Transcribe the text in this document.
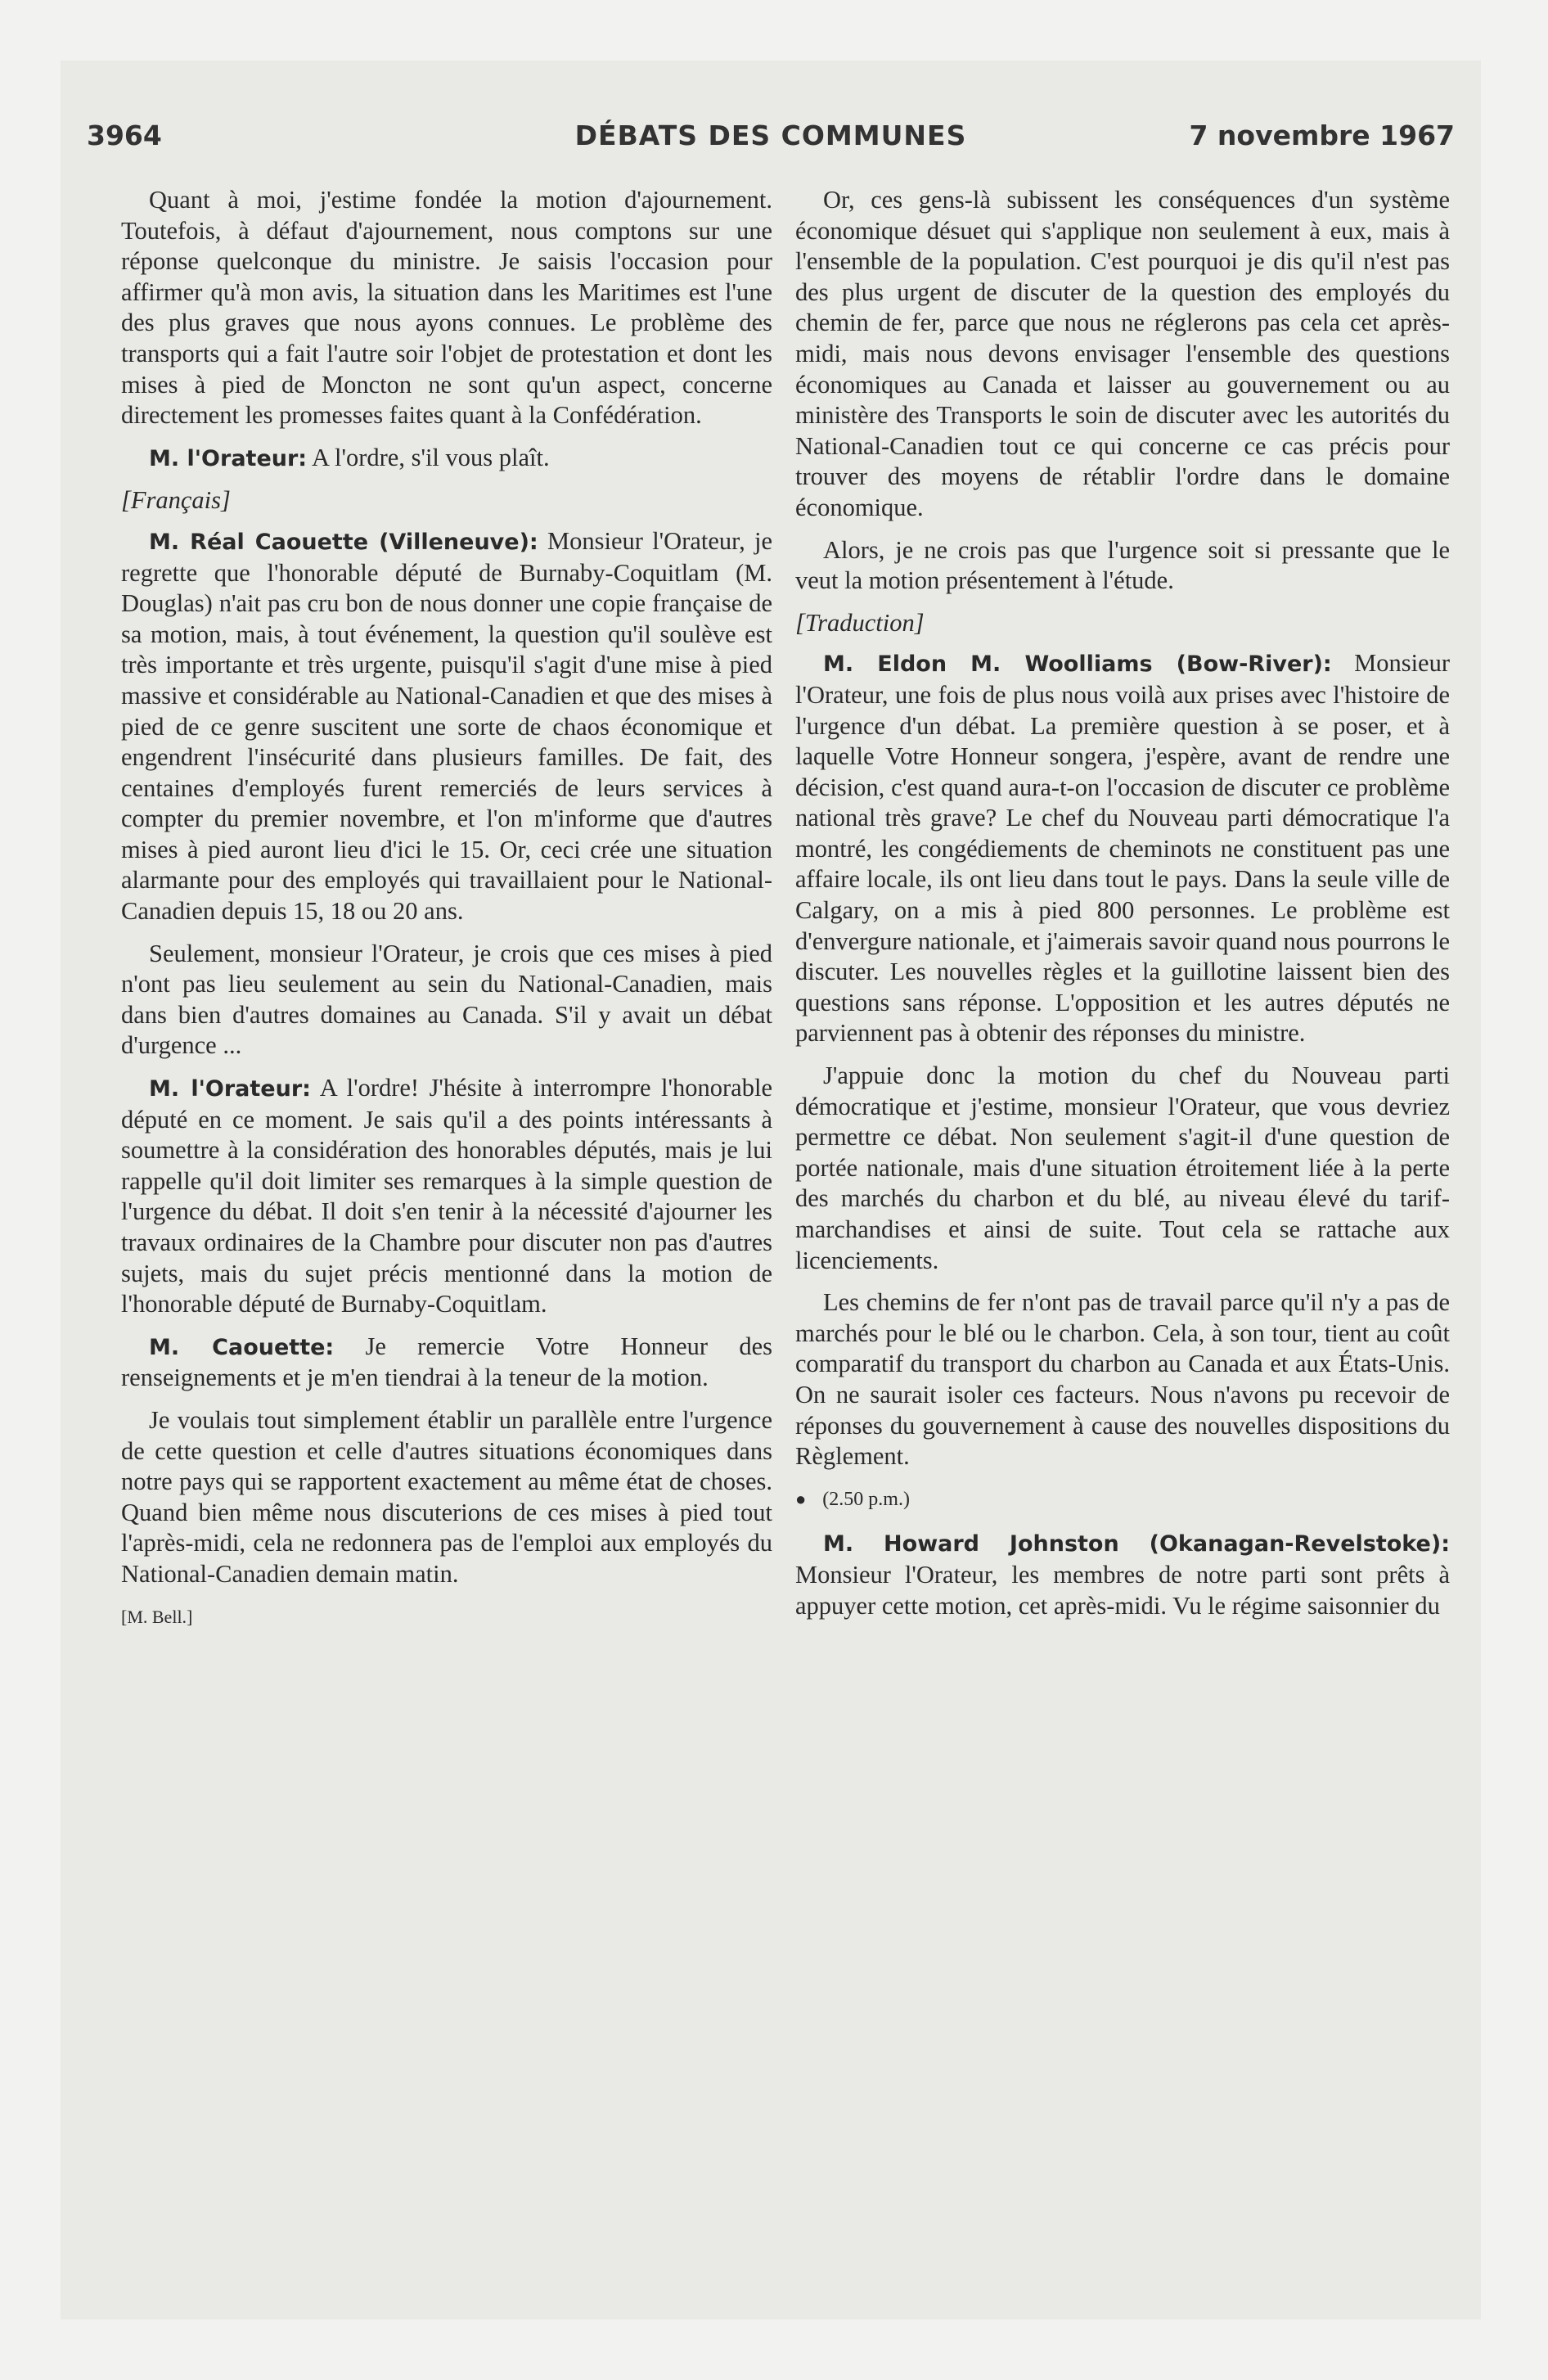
3964	DÉBATS DES COMMUNES	7 novembre 1967

Quant à moi, j'estime fondée la motion d'ajournement. Toutefois, à défaut d'ajournement, nous comptons sur une réponse quelconque du ministre. Je saisis l'occasion pour affirmer qu'à mon avis, la situation dans les Maritimes est l'une des plus graves que nous ayons connues. Le problème des transports qui a fait l'autre soir l'objet de protestation et dont les mises à pied de Moncton ne sont qu'un aspect, concerne directement les promesses faites quant à la Confédération.

M. l'Orateur: A l'ordre, s'il vous plaît.

[Français]

M. Réal Caouette (Villeneuve): Monsieur l'Orateur, je regrette que l'honorable député de Burnaby-Coquitlam (M. Douglas) n'ait pas cru bon de nous donner une copie française de sa motion, mais, à tout événement, la question qu'il soulève est très importante et très urgente, puisqu'il s'agit d'une mise à pied massive et considérable au National-Canadien et que des mises à pied de ce genre suscitent une sorte de chaos économique et engendrent l'insécurité dans plusieurs familles. De fait, des centaines d'employés furent remerciés de leurs services à compter du premier novembre, et l'on m'informe que d'autres mises à pied auront lieu d'ici le 15. Or, ceci crée une situation alarmante pour des employés qui travaillaient pour le National-Canadien depuis 15, 18 ou 20 ans.

Seulement, monsieur l'Orateur, je crois que ces mises à pied n'ont pas lieu seulement au sein du National-Canadien, mais dans bien d'autres domaines au Canada. S'il y avait un débat d'urgence ...

M. l'Orateur: A l'ordre! J'hésite à interrompre l'honorable député en ce moment. Je sais qu'il a des points intéressants à soumettre à la considération des honorables députés, mais je lui rappelle qu'il doit limiter ses remarques à la simple question de l'urgence du débat. Il doit s'en tenir à la nécessité d'ajourner les travaux ordinaires de la Chambre pour discuter non pas d'autres sujets, mais du sujet précis mentionné dans la motion de l'honorable député de Burnaby-Coquitlam.

M. Caouette: Je remercie Votre Honneur des renseignements et je m'en tiendrai à la teneur de la motion.

Je voulais tout simplement établir un parallèle entre l'urgence de cette question et celle d'autres situations économiques dans notre pays qui se rapportent exactement au même état de choses. Quand bien même nous discuterions de ces mises à pied tout l'après-midi, cela ne redonnera pas de l'emploi aux employés du National-Canadien demain matin.

[M. Bell.]

Or, ces gens-là subissent les conséquences d'un système économique désuet qui s'applique non seulement à eux, mais à l'ensemble de la population. C'est pourquoi je dis qu'il n'est pas des plus urgent de discuter de la question des employés du chemin de fer, parce que nous ne réglerons pas cela cet après-midi, mais nous devons envisager l'ensemble des questions économiques au Canada et laisser au gouvernement ou au ministère des Transports le soin de discuter avec les autorités du National-Canadien tout ce qui concerne ce cas précis pour trouver des moyens de rétablir l'ordre dans le domaine économique.

Alors, je ne crois pas que l'urgence soit si pressante que le veut la motion présentement à l'étude.

[Traduction]

M. Eldon M. Woolliams (Bow-River): Monsieur l'Orateur, une fois de plus nous voilà aux prises avec l'histoire de l'urgence d'un débat. La première question à se poser, et à laquelle Votre Honneur songera, j'espère, avant de rendre une décision, c'est quand aura-t-on l'occasion de discuter ce problème national très grave? Le chef du Nouveau parti démocratique l'a montré, les congédiements de cheminots ne constituent pas une affaire locale, ils ont lieu dans tout le pays. Dans la seule ville de Calgary, on a mis à pied 800 personnes. Le problème est d'envergure nationale, et j'aimerais savoir quand nous pourrons le discuter. Les nouvelles règles et la guillotine laissent bien des questions sans réponse. L'opposition et les autres députés ne parviennent pas à obtenir des réponses du ministre.

J'appuie donc la motion du chef du Nouveau parti démocratique et j'estime, monsieur l'Orateur, que vous devriez permettre ce débat. Non seulement s'agit-il d'une question de portée nationale, mais d'une situation étroitement liée à la perte des marchés du charbon et du blé, au niveau élevé du tarif-marchandises et ainsi de suite. Tout cela se rattache aux licenciements.

Les chemins de fer n'ont pas de travail parce qu'il n'y a pas de marchés pour le blé ou le charbon. Cela, à son tour, tient au coût comparatif du transport du charbon au Canada et aux États-Unis. On ne saurait isoler ces facteurs. Nous n'avons pu recevoir de réponses du gouvernement à cause des nouvelles dispositions du Règlement.

● (2.50 p.m.)

M. Howard Johnston (Okanagan-Revelstoke): Monsieur l'Orateur, les membres de notre parti sont prêts à appuyer cette motion, cet après-midi. Vu le régime saisonnier du
